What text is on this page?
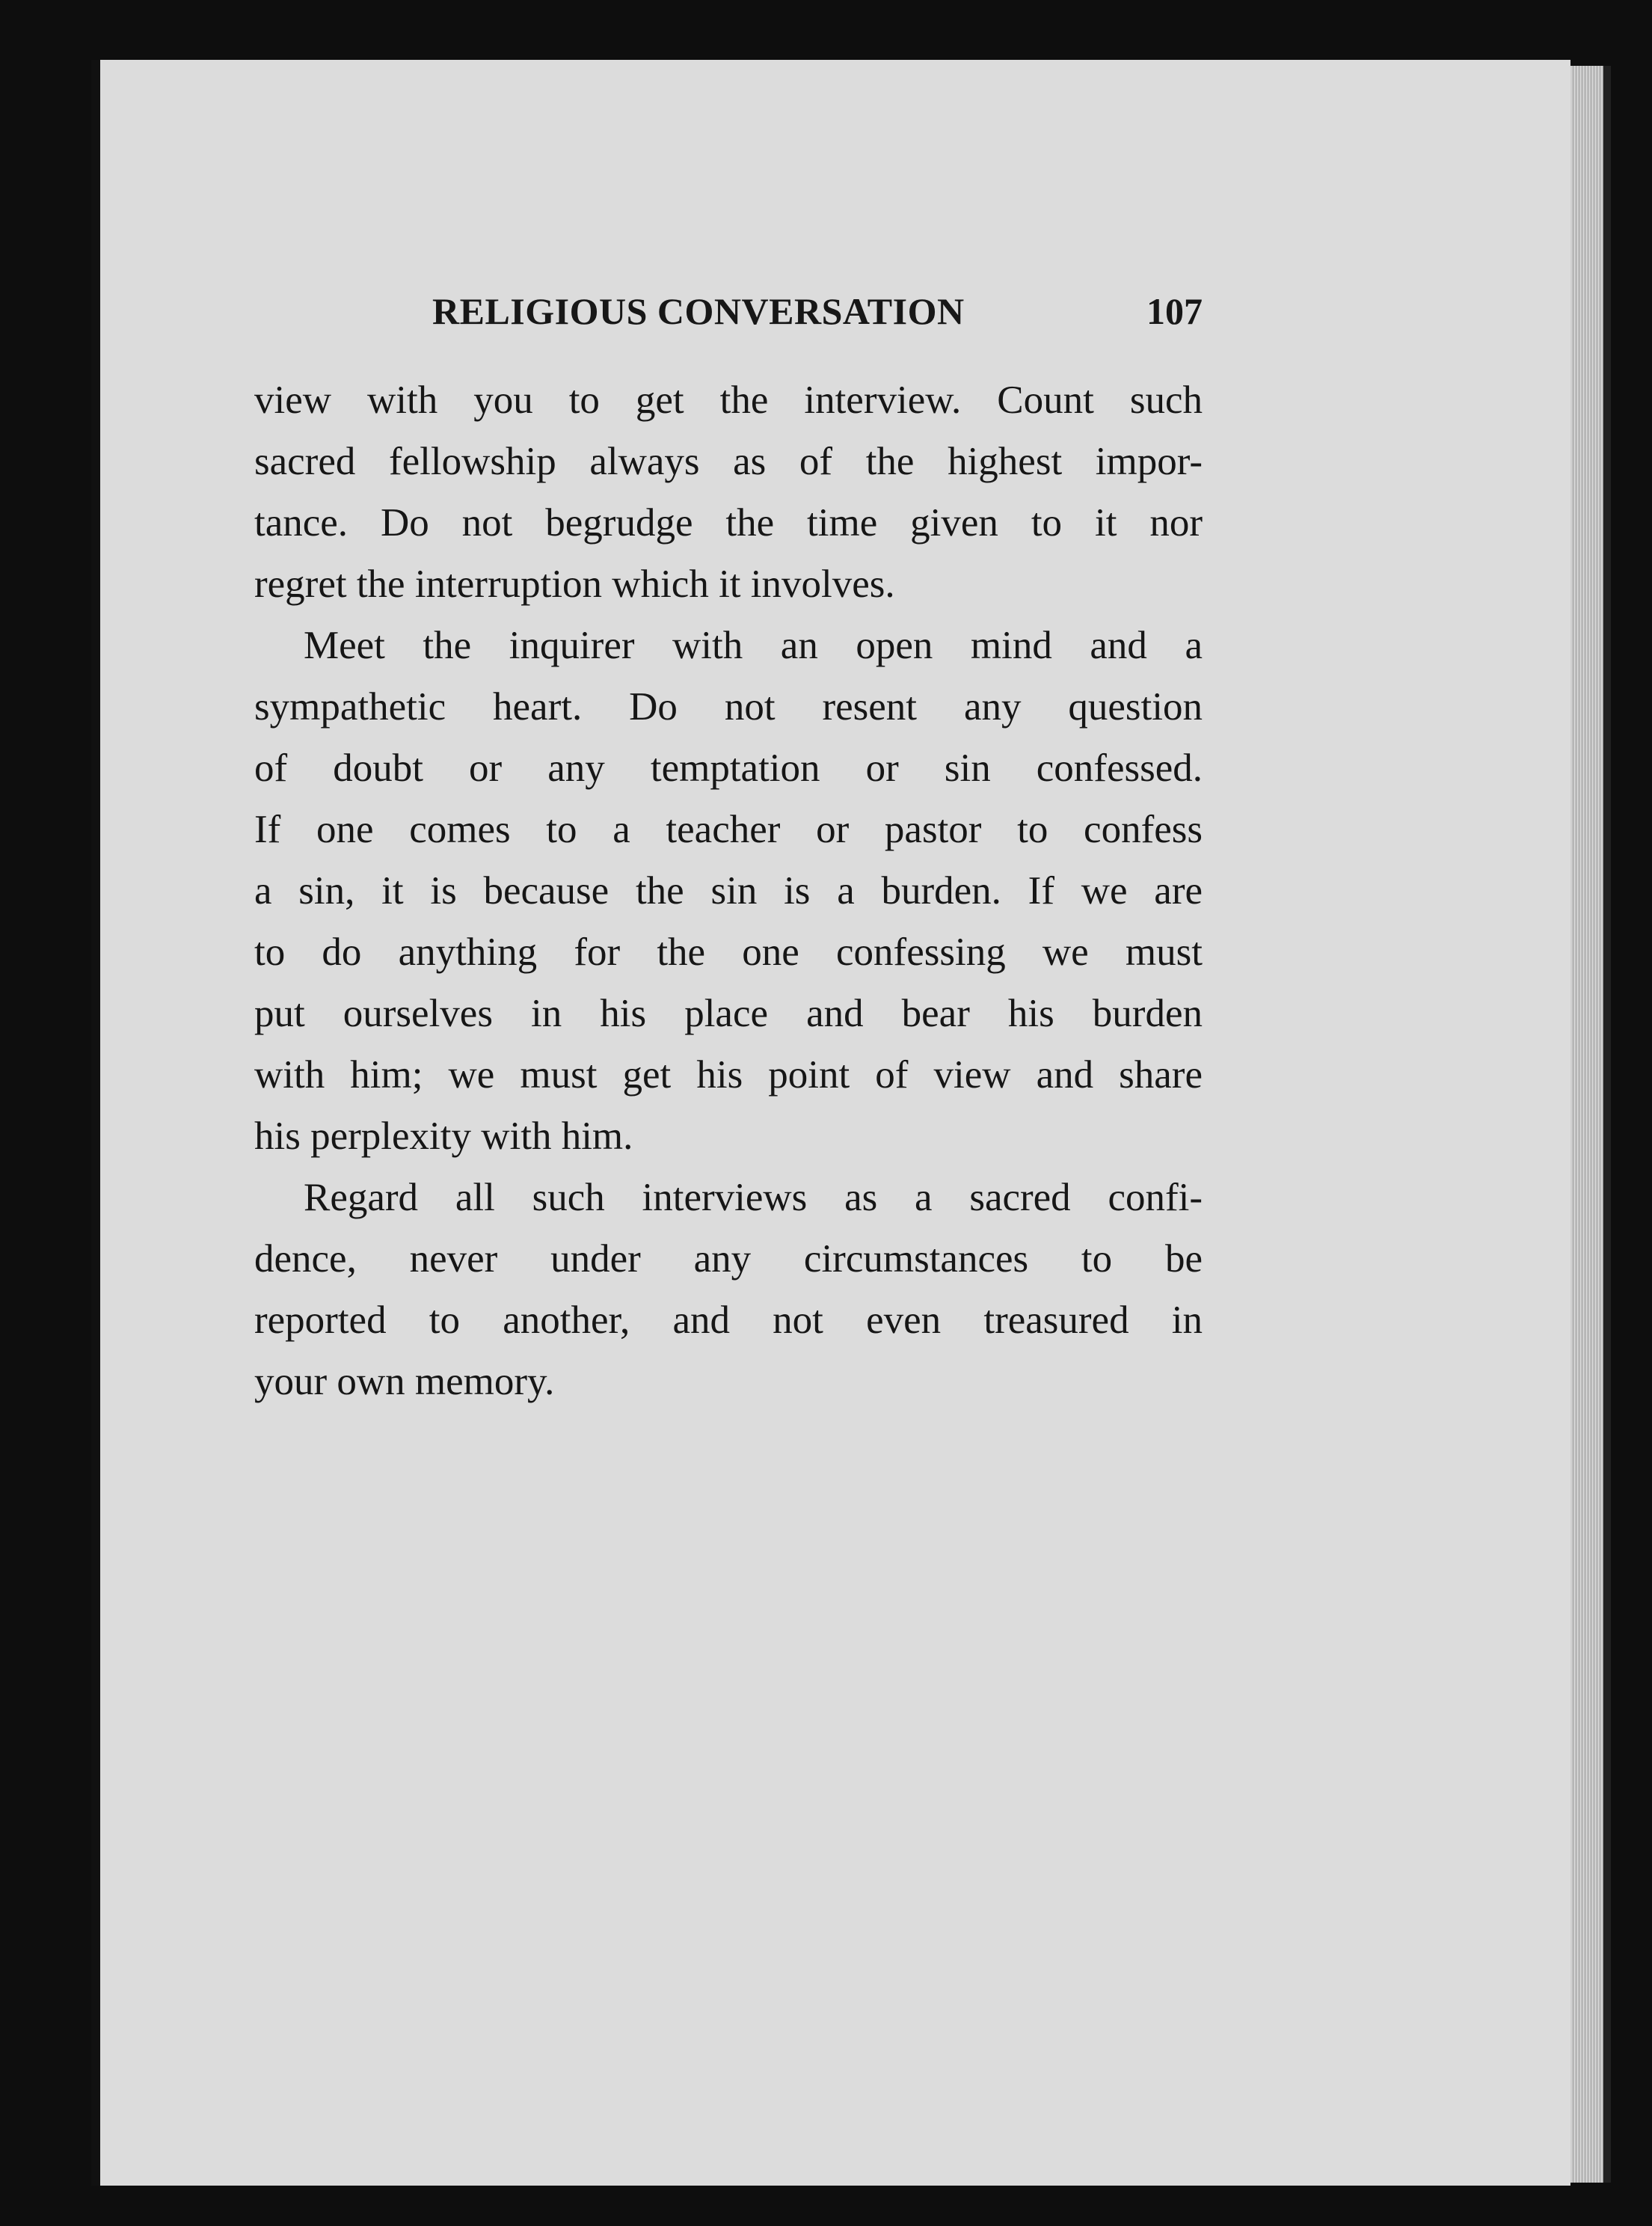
RELIGIOUS CONVERSATION	107
view with you to get the interview. Count such
sacred fellowship always as of the highest impor-
tance. Do not begrudge the time given to it nor
regret the interruption which it involves.
Meet the inquirer with an open mind and a
sympathetic heart. Do not resent any question
of doubt or any temptation or sin confessed.
If one comes to a teacher or pastor to confess
a sin, it is because the sin is a burden. If we are
to do anything for the one confessing we must
put ourselves in his place and bear his burden
with him; we must get his point of view and share
his perplexity with him.
Regard all such interviews as a sacred confi-
dence, never under any circumstances to be
reported to another, and not even treasured in
your own memory.
